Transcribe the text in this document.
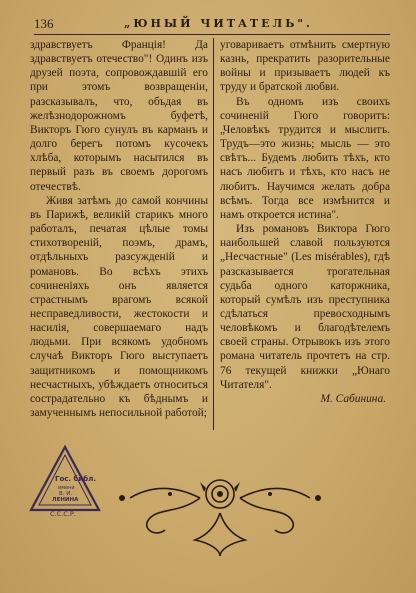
136	„ЮНЫЙ ЧИТАТЕЛЬ".

здравствуетъ Франція! Да здравствуетъ отечество"! Одинъ изъ друзей поэта, сопровождавшій его при этомъ возвращеніи, разсказывалъ, что, объдая въ желѣзнодорожномъ буфетѣ, Викторъ Гюго сунулъ въ карманъ и долго берегъ потомъ кусочекъ хлѣба, которымъ насытился въ первый разъ въ своемъ дорогомъ отечествѣ.

Живя затѣмъ до самой кончины въ Парижѣ, великій старикъ много работалъ, печатая цѣлые томы стихотвореній, поэмъ, драмъ, отдѣльныхъ разсужденій и романовъ. Во всѣхъ этихъ сочиненіяхъ онъ является страстнымъ врагомъ всякой несправедливости, жестокости и насилія, совершаемаго надъ людьми. При всякомъ удобномъ случаѣ Викторъ Гюго выступаетъ защитникомъ и помощникомъ несчастныхъ, убѣждаетъ относиться сострадательно къ бѣднымъ и замученнымъ непосильной работой;

уговариваетъ отмѣнить смертную казнь, прекратить разорительные войны и призываетъ людей къ труду и братской любви.

Въ одномъ изъ своихъ сочиненій Гюго говоритъ: „Человѣкъ трудится и мыслитъ. Трудъ—это жизнь; мысль — это свѣтъ... Будемъ любить тѣхъ, кто насъ любитъ и тѣхъ, кто насъ не любитъ. Научимся желать добра всѣмъ. Тогда все измѣнится и намъ откроется истина".

Изъ романовъ Виктора Гюго наибольшей славой пользуются „Несчастные" (Les misérables), гдѣ разсказывается трогательная судьба одного каторжника, который сумѣлъ изъ преступника сдѣлаться превосходнымъ человѣкомъ и благодѣтелемъ своей страны. Отрывокъ изъ этого романа читатель прочтетъ на стр. 76 текущей книжки „Юнаго Читателя".

М. Сабинина.

Гос. библ.
имени
В. И.
ЛЕНИНА
С.С.С.Р.
